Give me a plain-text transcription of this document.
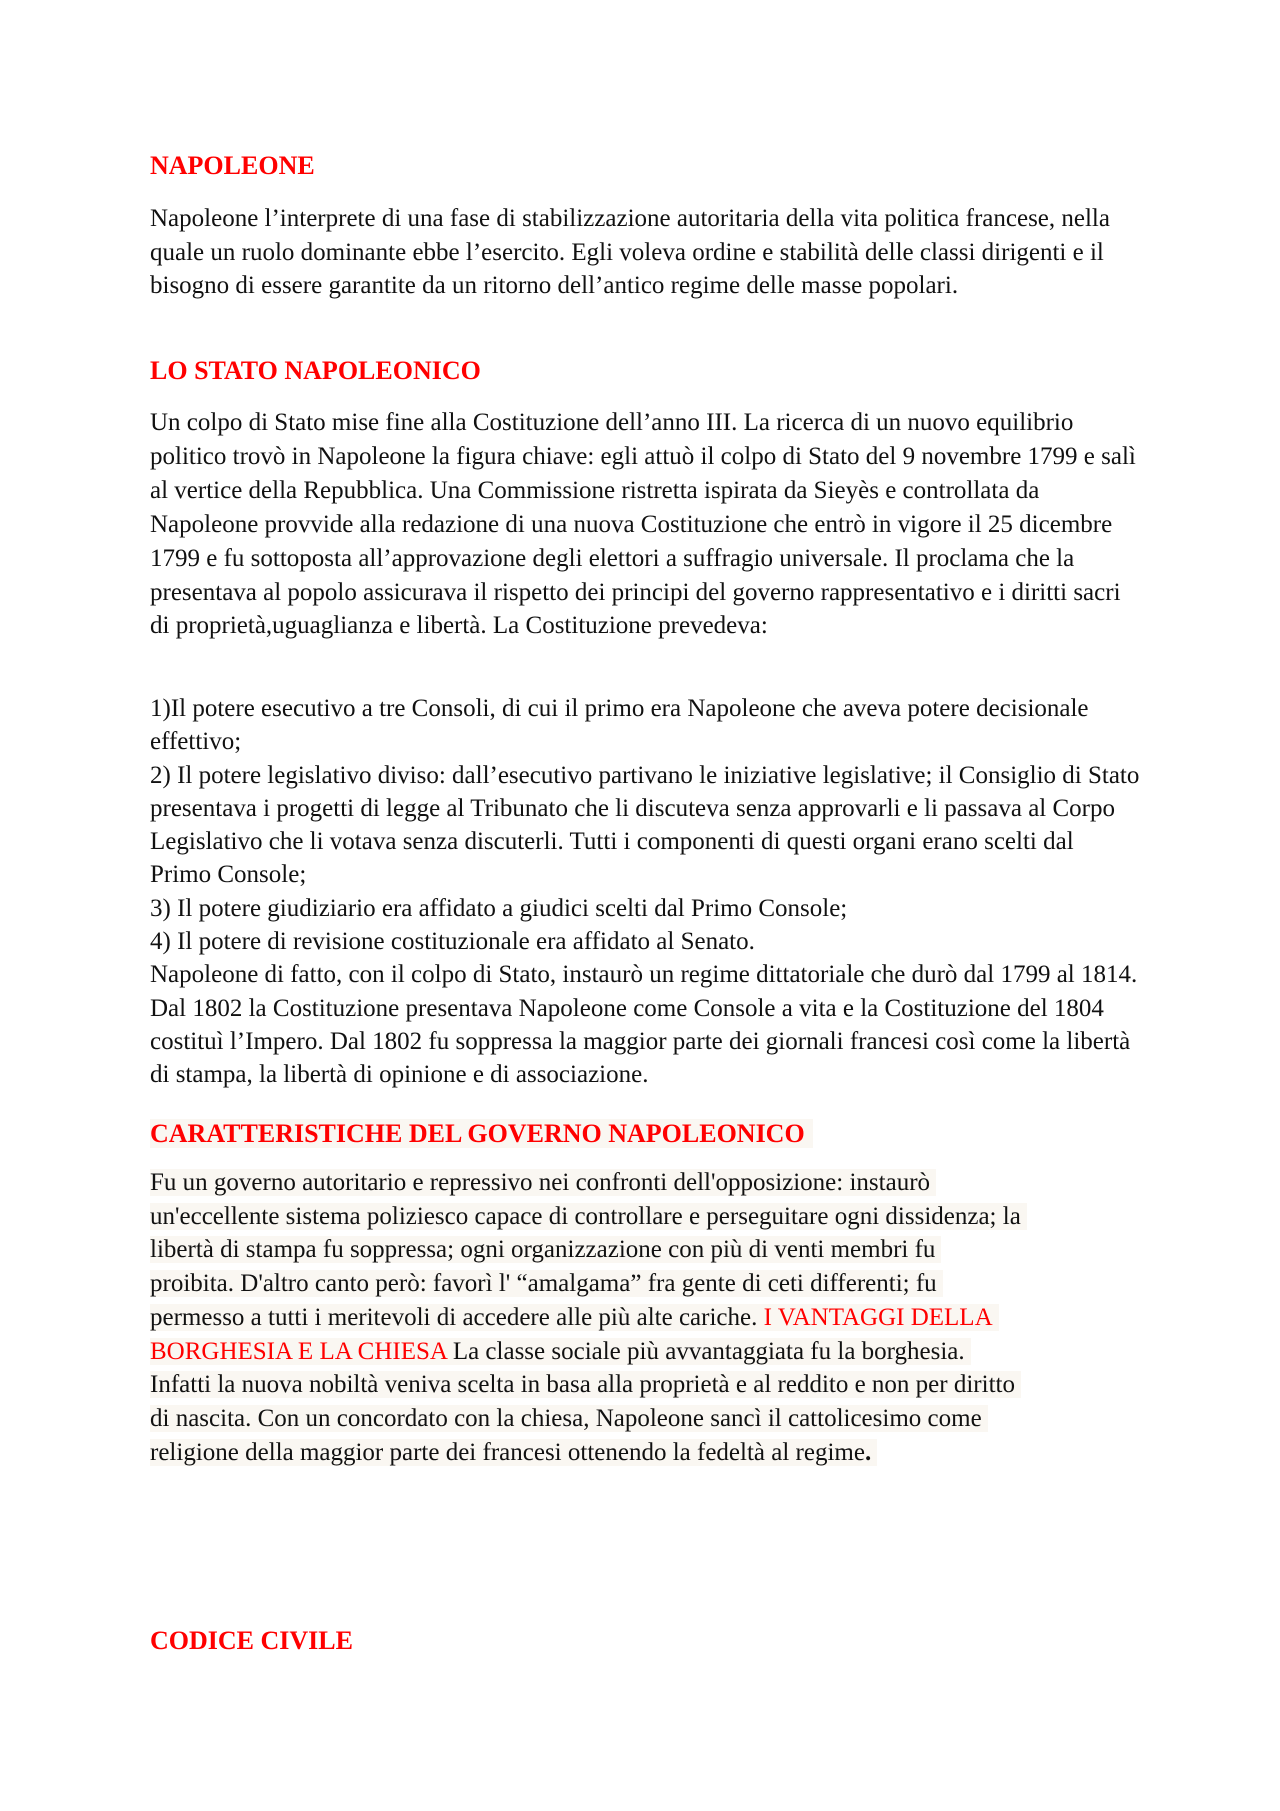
NAPOLEONE

Napoleone l’interprete di una fase di stabilizzazione autoritaria della vita politica francese, nella quale un ruolo dominante ebbe l’esercito. Egli voleva ordine e stabilità delle classi dirigenti e il bisogno di essere garantite da un ritorno dell’antico regime delle masse popolari.

LO STATO NAPOLEONICO

Un colpo di Stato mise fine alla Costituzione dell’anno III. La ricerca di un nuovo equilibrio politico trovò in Napoleone la figura chiave: egli attuò il colpo di Stato del 9 novembre 1799 e salì al vertice della Repubblica. Una Commissione ristretta ispirata da Sieyès e controllata da Napoleone provvide alla redazione di una nuova Costituzione che entrò in vigore il 25 dicembre 1799 e fu sottoposta all’approvazione degli elettori a suffragio universale. Il proclama che la presentava al popolo assicurava il rispetto dei principi del governo rappresentativo e i diritti sacri di proprietà,uguaglianza e libertà. La Costituzione prevedeva:

1)Il potere esecutivo a tre Consoli, di cui il primo era Napoleone che aveva potere decisionale effettivo;
2) Il potere legislativo diviso: dall’esecutivo partivano le iniziative legislative; il Consiglio di Stato presentava i progetti di legge al Tribunato che li discuteva senza approvarli e li passava al Corpo Legislativo che li votava senza discuterli. Tutti i componenti di questi organi erano scelti dal Primo Console;
3) Il potere giudiziario era affidato a giudici scelti dal Primo Console;
4) Il potere di revisione costituzionale era affidato al Senato.
Napoleone di fatto, con il colpo di Stato, instaurò un regime dittatoriale che durò dal 1799 al 1814. Dal 1802 la Costituzione presentava Napoleone come Console a vita e la Costituzione del 1804 costituì l’Impero. Dal 1802 fu soppressa la maggior parte dei giornali francesi così come la libertà di stampa, la libertà di opinione e di associazione.
CARATTERISTICHE DEL GOVERNO NAPOLEONICO
Fu un governo autoritario e repressivo nei confronti dell'opposizione: instaurò
un'eccellente sistema poliziesco capace di controllare e perseguitare ogni dissidenza; la
libertà di stampa fu soppressa; ogni organizzazione con più di venti membri fu
proibita. D'altro canto però: favorì l' “amalgama” fra gente di ceti differenti; fu
permesso a tutti i meritevoli di accedere alle più alte cariche. I VANTAGGI DELLA
BORGHESIA E LA CHIESA La classe sociale più avvantaggiata fu la borghesia.
Infatti la nuova nobiltà veniva scelta in basa alla proprietà e al reddito e non per diritto
di nascita. Con un concordato con la chiesa, Napoleone sancì il cattolicesimo come
religione della maggior parte dei francesi ottenendo la fedeltà al regime.
CODICE CIVILE
